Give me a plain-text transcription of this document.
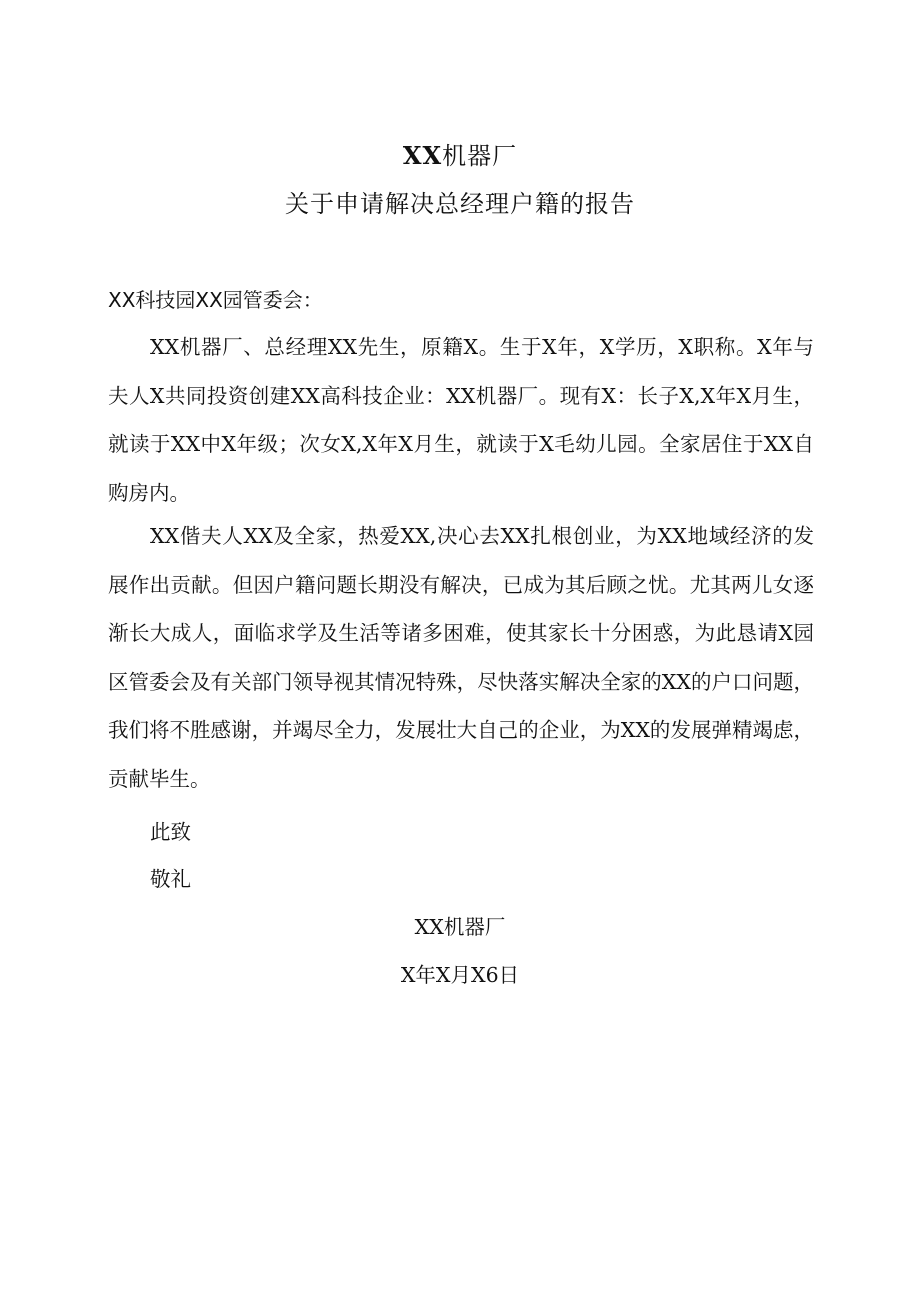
XX机器厂
关于申请解决总经理户籍的报告
XX科技园XX园管委会：

XX机器厂、总经理XX先生，原籍X。生于X年，X学历，X职称。X年与夫人X共同投资创建XX高科技企业：XX机器厂。现有X：长子X,X年X月生，就读于XX中X年级；次女X,X年X月生，就读于X毛幼儿园。全家居住于XX自购房内。

XX偕夫人XX及全家，热爱XX,决心去XX扎根创业，为XX地域经济的发展作出贡献。但因户籍问题长期没有解决，已成为其后顾之忧。尤其两儿女逐渐长大成人，面临求学及生活等诸多困难，使其家长十分困惑，为此恳请X园区管委会及有关部门领导视其情况特殊，尽快落实解决全家的XX的户口问题，我们将不胜感谢，并竭尽全力，发展壮大自己的企业，为XX的发展弹精竭虑，贡献毕生。

此致
敬礼
XX机器厂
X年X月X6日
